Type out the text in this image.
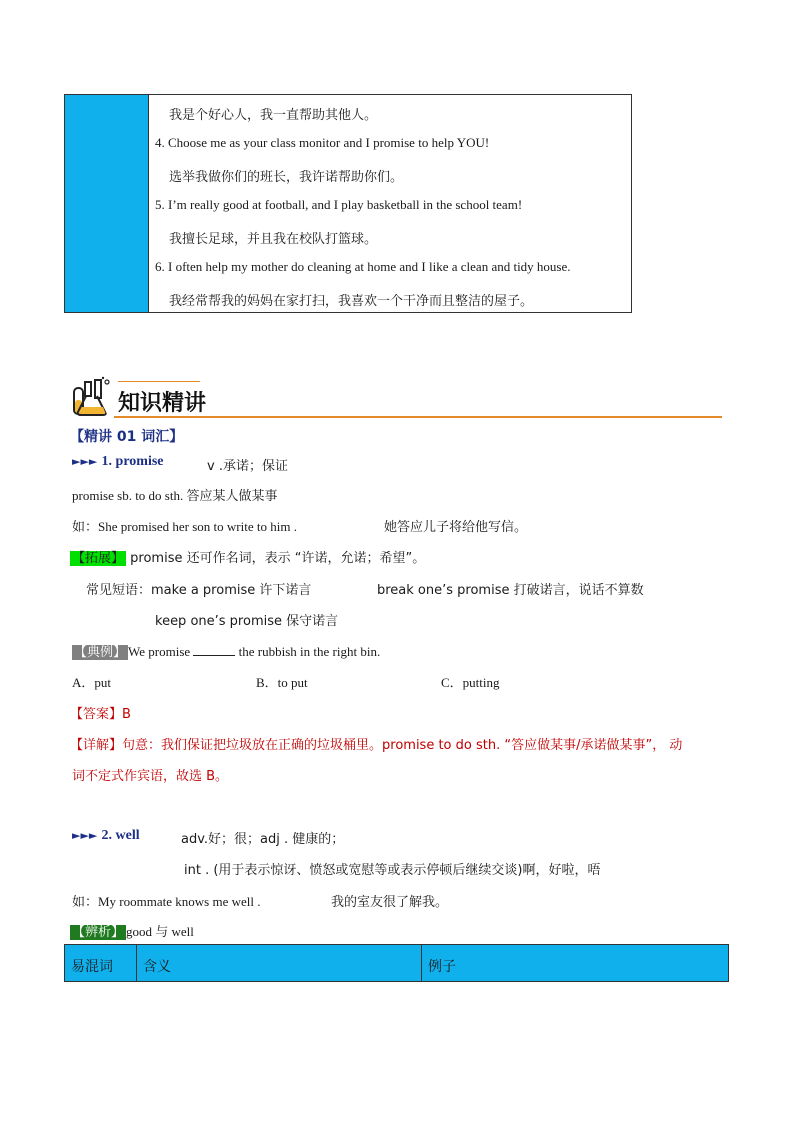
我是个好心人，我一直帮助其他人。
4. Choose me as your class monitor and I promise to help YOU!
选举我做你们的班长，我许诺帮助你们。
5. I’m really good at football, and I play basketball in the school team!
我擅长足球，并且我在校队打篮球。
6. I often help my mother do cleaning at home and I like a clean and tidy house.
我经常帮我的妈妈在家打扫，我喜欢一个干净而且整洁的屋子。
知识精讲
【精讲 01 词汇】
►►► 1. promise	v .承诺；保证
promise sb. to do sth. 答应某人做某事
如：She promised her son to write to him .	她答应儿子将给他写信。
【拓展】 promise 还可作名词，表示 “许诺，允诺；希望”。
常见短语：make a promise 许下诺言	break one’s promise 打破诺言，说话不算数
keep one’s promise 保守诺言
【典例】 We promise	the rubbish in the right bin.
A．put	B．to put	C．putting
【答案】B
【详解】句意：我们保证把垃圾放在正确的垃圾桶里。promise to do sth. “答应做某事/承诺做某事”， 动
词不定式作宾语，故选 B。
►►► 2. well	adv.好；很；adj . 健康的；
int . (用于表示惊讶、愤怒或宽慰等或表示停顿后继续交谈)啊，好啦，唔
如：My roommate knows me well .	我的室友很了解我。
【辨析】 good 与 well
易混词	含义	例子
